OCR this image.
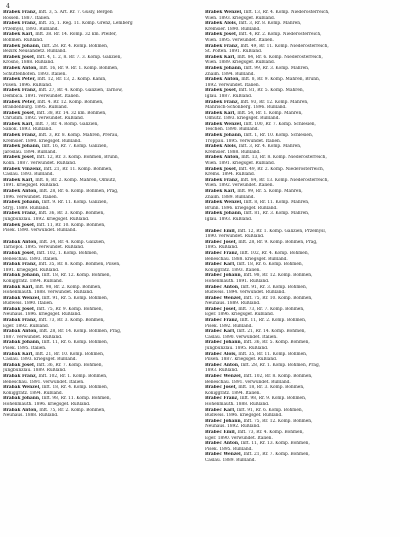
4
Brabek Franz, Inft. 3, 5. Art. Rr. 7. Gusly, Bergen
Rossen. 1887. Italien.
Brabek Franz, Inft. 35, 1. Reg. 11. Komp. Grenz, Lemberg
Przemysl, 1893. Rußland.
Brabek Karl, Inft. 38. Rr. 14. Romp. 32 km. Pfeifer,
Böhmen. Rußland.
Brabek Johann, Inft. 28. Rr. 4. Romp. Böhmen,
Bezirk Neusandetz. Rußland.
Brabek Josef, Inft. 4, 1. 2, 8. Rr. 7. 3. Komp. Galizien,
Krosno, 1888. Rußland.
Brabek Anton, Inft. 16, Rr. 9. Rr. 1. Komp. Böhmen,
Schüttenhofen. 1893. Italien.
Brabek Peter, Inft. 12, Rr. 13, 2. Komp. Kanin,
Pilsen. 1896. Rußland.
Brabek Franz, Inft. 27, Rr. 4. Komp. Galizien, Tarnow,
Dembica. 1891. verwundet. Italien.
Brabek Peter, Inft. 4. Rr. 12. Komp. Böhmen,
Brandenburg. 1895. Rußland.
Brabek Josef, Inft. 38, Rr. 14. 32 km. Böhmen,
Chrudim. 1892. verwundet. Rußland.
Brabek Karl, Inft. 7, Rr. 4. Romp. Galizien,
Sanok. 1893. Rußland.
Brabek Franz, Inft. 3, Rr. 8. Komp. Mähren, Prerau,
Kremsier. 1890. kriegsgef. Rußland.
Brabek Johann, Inft. 16, Rr. 7. Komp. Galizien,
Jaroslau. 1894. Rußland.
Brabek Josef, Inft. 12, Rr. 3. Komp. Böhmen, Brünn,
Kolin. 1887. verwundet. Rußland.
Brabek Vinzenz, Inft. 21, Rr. 11. Komp. Böhmen,
Caslau. 1893. Rußland.
Brabek Karl, Inft. 8, Rr. 2. Komp. Mähren, Olmütz,
1891. kriegsgef. Rußland.
Brabek Anton, Inft. 28, Rr. 6. Komp. Böhmen, Prag,
1896. verwundet. Italien.
Brabek Johann, Inft. 9. Rr. 11. Komp. Galizien,
Stryj. 1889. Rußland.
Brabek Franz, Inft. 36, Rr. 3. Komp. Böhmen,
Jungbunzlau. 1892. kriegsgef. Rußland.
Brabek Josef, Inft. 11, Rr. 10. Komp. Böhmen,
Pisek. 1890. verwundet. Rußland.
Brabak Anton, Inft. 34, Rr. 4. Komp. Galizien,
Tarnopol. 1895. verwundet. Rußland.
Brabak Josef, Inft. 102, 1. Komp. Böhmen,
Beneschau. 1893. Italien.
Brabak Franz, Inft. 35, Rr. 8. Komp. Böhmen, Pilsen,
1891. kriegsgef. Rußland.
Brabak Johann, Inft. 18, Rr. 12. Komp. Böhmen,
Königgrätz. 1894. Rußland.
Brabak Karl, Inft. 98, Rr. 2. Komp. Böhmen,
Hohenmauth. 1888. verwundet. Rußland.
Brabak Wenzel, Inft. 91, Rr. 5. Komp. Böhmen,
Budweis. 1890. Italien.
Brabak Josef, Inft. 75, Rr. 9. Komp. Böhmen,
Neuhaus. 1896. kriegsgef. Rußland.
Brabak Franz, Inft. 73, Rr. 3. Komp. Böhmen,
Eger. 1892. Rußland.
Brabak Anton, Inft. 28, Rr. 14. Komp. Böhmen, Prag,
1887. verwundet. Rußland.
Brabak Johann, Inft. 11, Rr. 6. Komp. Böhmen,
Pisek. 1895. Italien.
Brabak Karl, Inft. 21, Rr. 10. Komp. Böhmen,
Caslau. 1893. kriegsgef. Rußland.
Brabak Josef, Inft. 36, Rr. 7. Komp. Böhmen,
Jungbunzlau. 1889. Rußland.
Brabak Franz, Inft. 102, Rr. 1. Komp. Böhmen,
Beneschau. 1891. verwundet. Italien.
Brabak Wenzel, Inft. 18, Rr. 4. Komp. Böhmen,
Königgrätz. 1894. Rußland.
Brabak Johann, Inft. 98, Rr. 11. Komp. Böhmen,
Hohenmauth. 1896. kriegsgef. Rußland.
Brabak Anton, Inft. 75, Rr. 2. Komp. Böhmen,
Neuhaus. 1888. Rußland.
Brabek Wenzel, Inft. 13, Rr. 4. Komp. Niederösterreich,
Wien. 1893. kriegsgef. Rußland.
Brabek Alois, Inft. 3, Rr. 8. Komp. Mähren,
Kremsier. 1890. Rußland.
Brabek Josef, Inft. 4, Rr. 2. Komp. Niederösterreich,
Wien. 1895. verwundet. Italien.
Brabek Franz, Inft. 49, Rr. 11. Komp. Niederösterreich,
St. Pölten. 1891. Rußland.
Brabek Karl, Inft. 84, Rr. 6. Komp. Niederösterreich,
Wien. 1889. kriegsgef. Rußland.
Brabek Johann, Inft. 99, Rr. 3. Komp. Mähren,
Znaim. 1894. Rußland.
Brabek Anton, Inft. 8, Rr. 9. Komp. Mähren, Brünn,
1892. verwundet. Italien.
Brabek Josef, Inft. 81, Rr. 5. Komp. Mähren,
Iglau. 1887. Rußland.
Brabek Franz, Inft. 93, Rr. 12. Komp. Mähren,
Mährisch-Schönberg. 1896. Rußland.
Brabek Karl, Inft. 54, Rr. 1. Komp. Mähren,
Olmütz. 1893. kriegsgef. Rußland.
Brabek Wenzel, Inft. 100, Rr. 7. Komp. Schlesien,
Teschen. 1890. Rußland.
Brabek Johann, Inft. 1, Rr. 10. Komp. Schlesien,
Troppau. 1895. verwundet. Italien.
Brabek Alois, Inft. 3, Rr. 4. Komp. Mähren,
Kremsier. 1888. Rußland.
Brabek Anton, Inft. 13, Rr. 8. Komp. Niederösterreich,
Wien. 1891. kriegsgef. Rußland.
Brabek Josef, Inft. 49, Rr. 2. Komp. Niederösterreich,
Krems. 1894. Rußland.
Brabek Franz, Inft. 84, Rr. 13. Komp. Niederösterreich,
Wien. 1892. verwundet. Italien.
Brabek Karl, Inft. 99, Rr. 5. Komp. Mähren,
Znaim. 1889. Rußland.
Brabek Wenzel, Inft. 8, Rr. 11. Komp. Mähren,
Brünn. 1896. kriegsgef. Rußland.
Brabek Johann, Inft. 81, Rr. 3. Komp. Mähren,
Iglau. 1893. Rußland.
Brabec Emil, Inft. 12, Rr. 1. Komp. Galizien, Przemysl,
1890. verwundet. Rußland.
Brabec Josef, Inft. 28, Rr. 9. Komp. Böhmen, Prag,
1895. Rußland.
Brabec Franz, Inft. 102, Rr. 4. Komp. Böhmen,
Beneschau. 1888. kriegsgef. Rußland.
Brabec Karl, Inft. 18, Rr. 6. Komp. Böhmen,
Königgrätz. 1893. Italien.
Brabec Johann, Inft. 98, Rr. 12. Komp. Böhmen,
Hohenmauth. 1891. Rußland.
Brabec Anton, Inft. 91, Rr. 3. Komp. Böhmen,
Budweis. 1894. verwundet. Rußland.
Brabec Wenzel, Inft. 75, Rr. 10. Komp. Böhmen,
Neuhaus. 1889. Rußland.
Brabec Josef, Inft. 73, Rr. 7. Komp. Böhmen,
Eger. 1896. kriegsgef. Rußland.
Brabec Franz, Inft. 11, Rr. 2. Komp. Böhmen,
Pisek. 1892. Rußland.
Brabec Karl, Inft. 21, Rr. 14. Komp. Böhmen,
Caslau. 1890. verwundet. Italien.
Brabec Johann, Inft. 36, Rr. 5. Komp. Böhmen,
Jungbunzlau. 1895. Rußland.
Brabec Alois, Inft. 35, Rr. 11. Komp. Böhmen,
Pilsen. 1887. kriegsgef. Rußland.
Brabec Anton, Inft. 28, Rr. 1. Komp. Böhmen, Prag,
1893. Rußland.
Brabec Wenzel, Inft. 102, Rr. 8. Komp. Böhmen,
Beneschau. 1891. verwundet. Rußland.
Brabec Josef, Inft. 18, Rr. 3. Komp. Böhmen,
Königgrätz. 1894. Italien.
Brabec Franz, Inft. 98, Rr. 9. Komp. Böhmen,
Hohenmauth. 1888. Rußland.
Brabec Karl, Inft. 91, Rr. 6. Komp. Böhmen,
Budweis. 1896. kriegsgef. Rußland.
Brabec Johann, Inft. 75, Rr. 12. Komp. Böhmen,
Neuhaus. 1892. Rußland.
Brabec Emil, Inft. 73, Rr. 4. Komp. Böhmen,
Eger. 1890. verwundet. Italien.
Brabec Anton, Inft. 11, Rr. 13. Komp. Böhmen,
Pisek. 1895. Rußland.
Brabec Wenzel, Inft. 21, Rr. 7. Komp. Böhmen,
Caslau. 1889. Rußland.
